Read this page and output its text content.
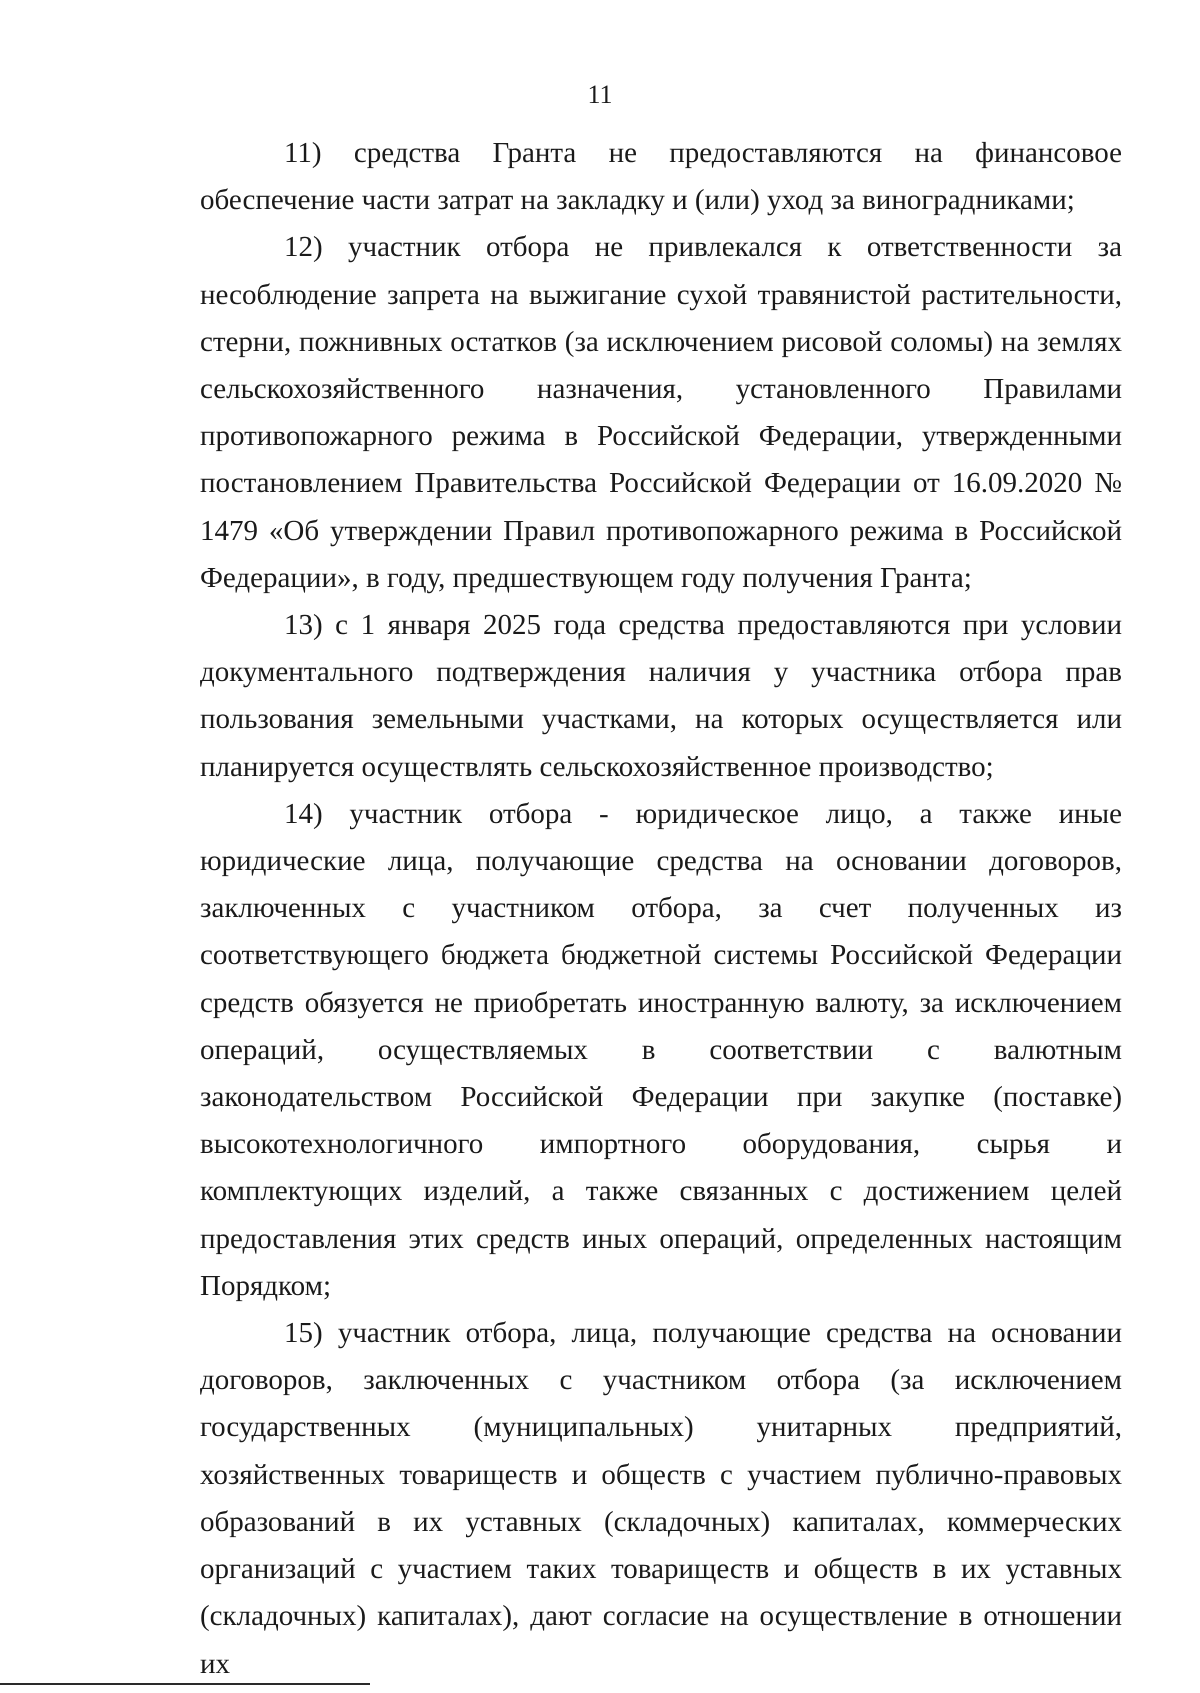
11

11) средства Гранта не предоставляются на финансовое обеспечение части затрат на закладку и (или) уход за виноградниками;

12) участник отбора не привлекался к ответственности за несоблюдение запрета на выжигание сухой травянистой растительности, стерни, пожнивных остатков (за исключением рисовой соломы) на землях сельскохозяйственного назначения, установленного Правилами противопожарного режима в Российской Федерации, утвержденными постановлением Правительства Российской Федерации от 16.09.2020 № 1479 «Об утверждении Правил противопожарного режима в Российской Федерации», в году, предшествующем году получения Гранта;

13) с 1 января 2025 года средства предоставляются при условии документального подтверждения наличия у участника отбора прав пользования земельными участками, на которых осуществляется или планируется осуществлять сельскохозяйственное производство;

14) участник отбора - юридическое лицо, а также иные юридические лица, получающие средства на основании договоров, заключенных с участником отбора, за счет полученных из соответствующего бюджета бюджетной системы Российской Федерации средств обязуется не приобретать иностранную валюту, за исключением операций, осуществляемых в соответствии с валютным законодательством Российской Федерации при закупке (поставке) высокотехнологичного импортного оборудования, сырья и комплектующих изделий, а также связанных с достижением целей предоставления этих средств иных операций, определенных настоящим Порядком;

15) участник отбора, лица, получающие средства на основании договоров, заключенных с участником отбора (за исключением государственных (муниципальных) унитарных предприятий, хозяйственных товариществ и обществ с участием публично-правовых образований в их уставных (складочных) капиталах, коммерческих организаций с участием таких товариществ и обществ в их уставных (складочных) капиталах), дают согласие на осуществление в отношении их
